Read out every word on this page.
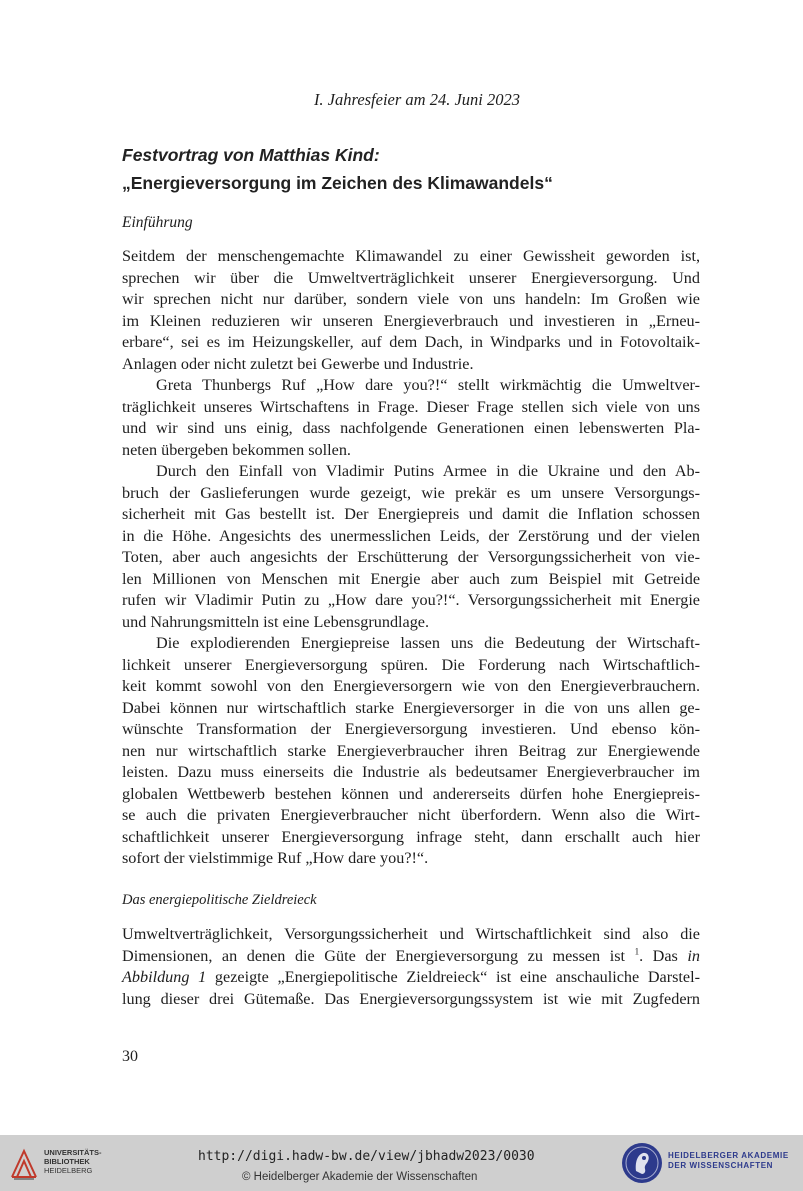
I. Jahresfeier am 24. Juni 2023
Festvortrag von Matthias Kind:
„Energieversorgung im Zeichen des Klimawandels“
Einführung
Seitdem der menschengemachte Klimawandel zu einer Gewissheit geworden ist,
sprechen wir über die Umweltverträglichkeit unserer Energieversorgung. Und
wir sprechen nicht nur darüber, sondern viele von uns handeln: Im Großen wie
im Kleinen reduzieren wir unseren Energieverbrauch und investieren in „Erneu-
erbare“, sei es im Heizungskeller, auf dem Dach, in Windparks und in Fotovoltaik-
Anlagen oder nicht zuletzt bei Gewerbe und Industrie.
Greta Thunbergs Ruf „How dare you?!“ stellt wirkmächtig die Umweltver-
träglichkeit unseres Wirtschaftens in Frage. Dieser Frage stellen sich viele von uns
und wir sind uns einig, dass nachfolgende Generationen einen lebenswerten Pla-
neten übergeben bekommen sollen.
Durch den Einfall von Vladimir Putins Armee in die Ukraine und den Ab-
bruch der Gaslieferungen wurde gezeigt, wie prekär es um unsere Versorgungs-
sicherheit mit Gas bestellt ist. Der Energiepreis und damit die Inflation schossen
in die Höhe. Angesichts des unermesslichen Leids, der Zerstörung und der vielen
Toten, aber auch angesichts der Erschütterung der Versorgungssicherheit von vie-
len Millionen von Menschen mit Energie aber auch zum Beispiel mit Getreide
rufen wir Vladimir Putin zu „How dare you?!“. Versorgungssicherheit mit Energie
und Nahrungsmitteln ist eine Lebensgrundlage.
Die explodierenden Energiepreise lassen uns die Bedeutung der Wirtschaft-
lichkeit unserer Energieversorgung spüren. Die Forderung nach Wirtschaftlich-
keit kommt sowohl von den Energieversorgern wie von den Energieverbrauchern.
Dabei können nur wirtschaftlich starke Energieversorger in die von uns allen ge-
wünschte Transformation der Energieversorgung investieren. Und ebenso kön-
nen nur wirtschaftlich starke Energieverbraucher ihren Beitrag zur Energiewende
leisten. Dazu muss einerseits die Industrie als bedeutsamer Energieverbraucher im
globalen Wettbewerb bestehen können und andererseits dürfen hohe Energiepreis-
se auch die privaten Energieverbraucher nicht überfordern. Wenn also die Wirt-
schaftlichkeit unserer Energieversorgung infrage steht, dann erschallt auch hier
sofort der vielstimmige Ruf „How dare you?!“.
Das energiepolitische Zieldreieck
Umweltverträglichkeit, Versorgungssicherheit und Wirtschaftlichkeit sind also die
Dimensionen, an denen die Güte der Energieversorgung zu messen ist $^1$. Das in
Abbildung 1 gezeigte „Energiepolitische Zieldreieck“ ist eine anschauliche Darstel-
lung dieser drei Gütemaße. Das Energieversorgungssystem ist wie mit Zugfedern
30
UNIVERSITÄTS-
BIBLIOTHEK
HEIDELBERG
http://digi.hadw-bw.de/view/jbhadw2023/0030
© Heidelberger Akademie der Wissenschaften
HEIDELBERGER AKADEMIE
DER WISSENSCHAFTEN
